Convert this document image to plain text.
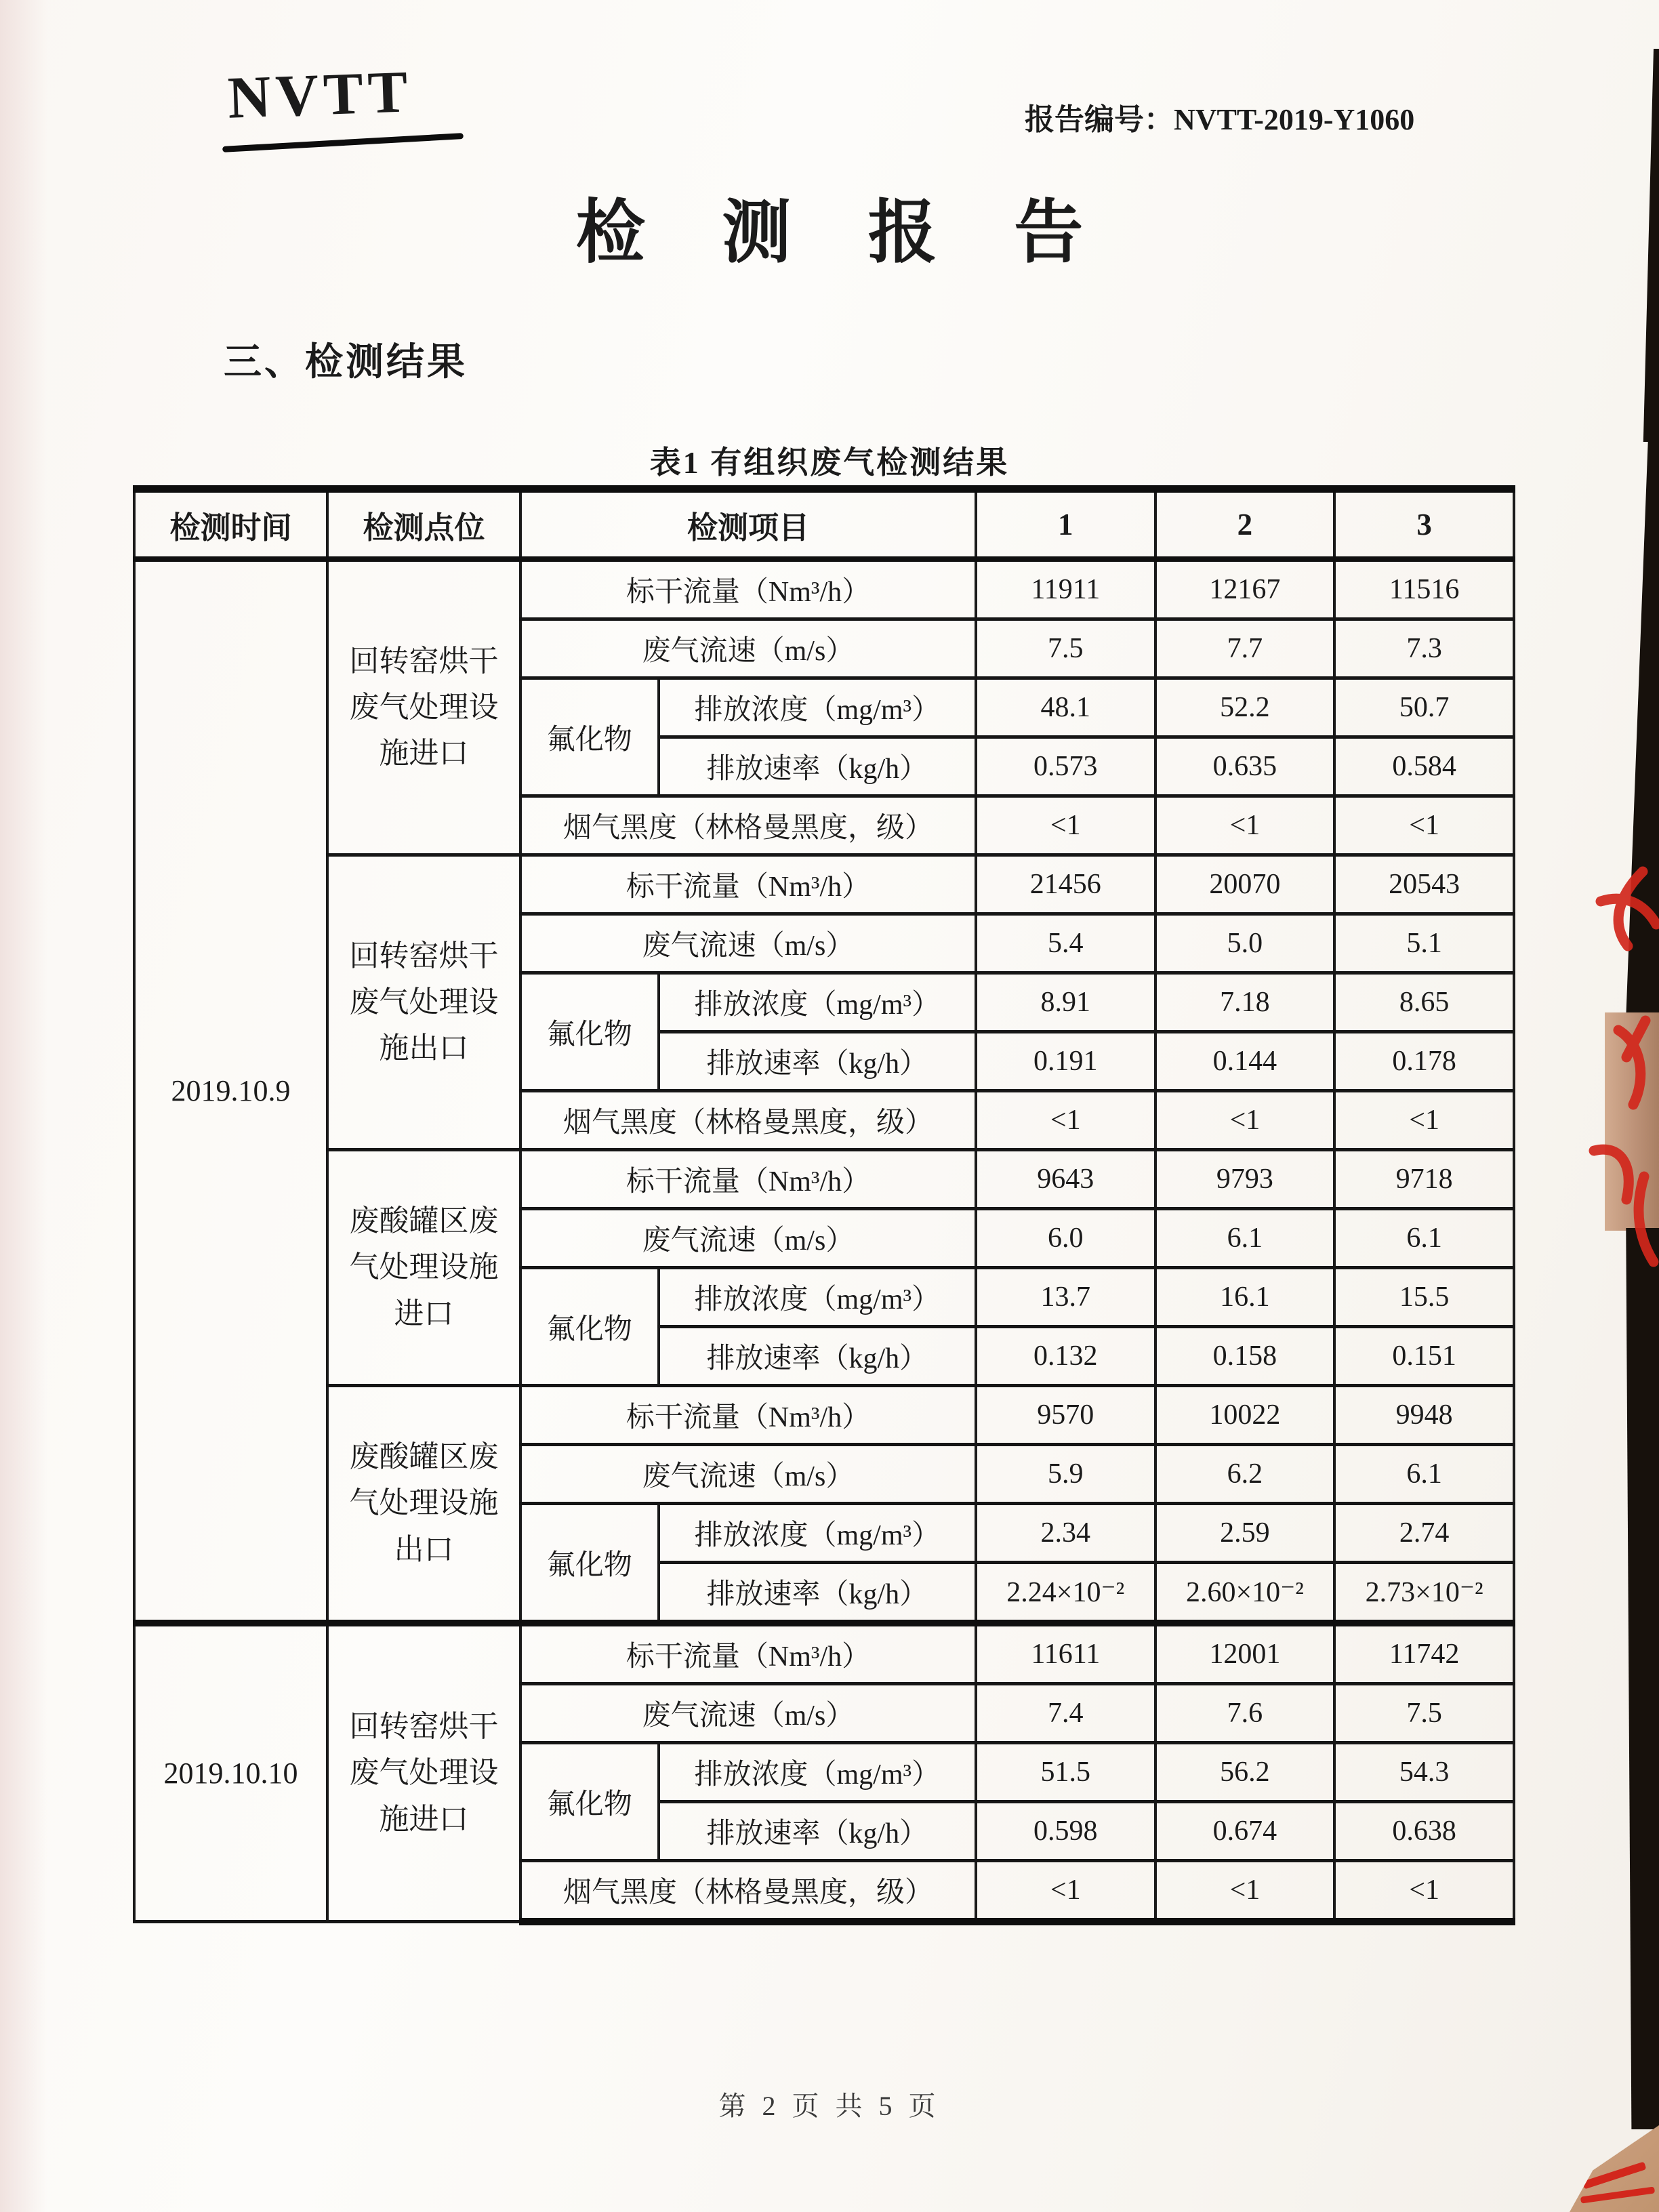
NVTT	报告编号：NVTT-2019-Y1060
检 测 报 告
三、检测结果
表1 有组织废气检测结果
检测时间	检测点位	检测项目		1	2	3
2019.10.9	回转窑烘干废气处理设施进口	标干流量（Nm³/h）		11911	12167	11516
		废气流速（m/s）		7.5	7.7	7.3
		氟化物	排放浓度（mg/m³）	48.1	52.2	50.7
			排放速率（kg/h）	0.573	0.635	0.584
		烟气黑度（林格曼黑度，级）		<1	<1	<1
	回转窑烘干废气处理设施出口	标干流量（Nm³/h）		21456	20070	20543
		废气流速（m/s）		5.4	5.0	5.1
		氟化物	排放浓度（mg/m³）	8.91	7.18	8.65
			排放速率（kg/h）	0.191	0.144	0.178
		烟气黑度（林格曼黑度，级）		<1	<1	<1
	废酸罐区废气处理设施进口	标干流量（Nm³/h）		9643	9793	9718
		废气流速（m/s）		6.0	6.1	6.1
		氟化物	排放浓度（mg/m³）	13.7	16.1	15.5
			排放速率（kg/h）	0.132	0.158	0.151
	废酸罐区废气处理设施出口	标干流量（Nm³/h）		9570	10022	9948
		废气流速（m/s）		5.9	6.2	6.1
		氟化物	排放浓度（mg/m³）	2.34	2.59	2.74
			排放速率（kg/h）	2.24×10⁻²	2.60×10⁻²	2.73×10⁻²
2019.10.10	回转窑烘干废气处理设施进口	标干流量（Nm³/h）		11611	12001	11742
		废气流速（m/s）		7.4	7.6	7.5
		氟化物	排放浓度（mg/m³）	51.5	56.2	54.3
			排放速率（kg/h）	0.598	0.674	0.638
		烟气黑度（林格曼黑度，级）		<1	<1	<1
第 2 页 共 5 页
